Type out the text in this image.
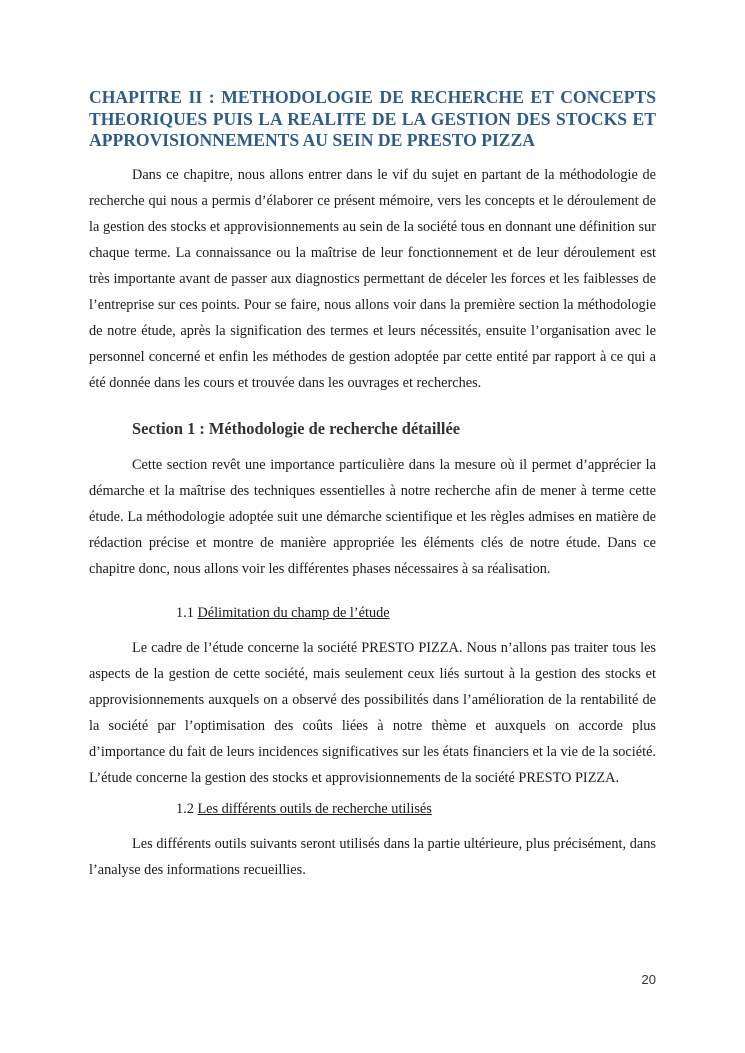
CHAPITRE II : METHODOLOGIE DE RECHERCHE ET CONCEPTS THEORIQUES PUIS LA REALITE DE LA GESTION DES STOCKS ET APPROVISIONNEMENTS AU SEIN DE PRESTO PIZZA

Dans ce chapitre, nous allons entrer dans le vif du sujet en partant de la méthodologie de recherche qui nous a permis d’élaborer ce présent mémoire, vers les concepts et le déroulement de la gestion des stocks et approvisionnements au sein de la société tous en donnant une définition sur chaque terme. La connaissance ou la maîtrise de leur fonctionnement et de leur déroulement est très importante avant de passer aux diagnostics permettant de déceler les forces et les faiblesses de l’entreprise sur ces points. Pour se faire, nous allons voir dans la première section la méthodologie de notre étude, après la signification des termes et leurs nécessités, ensuite l’organisation avec le personnel concerné et enfin les méthodes de gestion adoptée par cette entité par rapport à ce qui a été donnée dans les cours et trouvée dans les ouvrages et recherches.

Section 1 : Méthodologie de recherche détaillée

Cette section revêt une importance particulière dans la mesure où il permet d’apprécier la démarche et la maîtrise des techniques essentielles à notre recherche afin de mener à terme cette étude. La méthodologie adoptée suit une démarche scientifique et les règles admises en matière de rédaction précise et montre de manière appropriée les éléments clés de notre étude. Dans ce chapitre donc, nous allons voir les différentes phases nécessaires à sa réalisation.

1.1 Délimitation du champ de l’étude

Le cadre de l’étude concerne la société PRESTO PIZZA. Nous n’allons pas traiter tous les aspects de la gestion de cette société, mais seulement ceux liés surtout à la gestion des stocks et approvisionnements auxquels on a observé des possibilités dans l’amélioration de la rentabilité de la société par l’optimisation des coûts liées à notre thème et auxquels on accorde plus d’importance du fait de leurs incidences significatives sur les états financiers et la vie de la société. L’étude concerne la gestion des stocks et approvisionnements de la société PRESTO PIZZA.

1.2 Les différents outils de recherche utilisés

Les différents outils suivants seront utilisés dans la partie ultérieure, plus précisément, dans l’analyse des informations recueillies.

20
